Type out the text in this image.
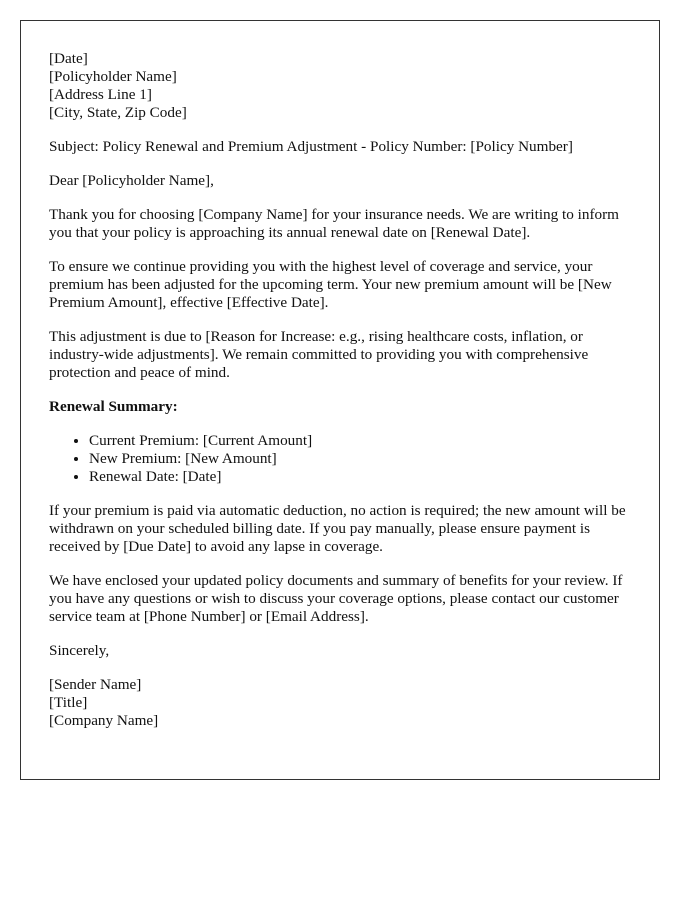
[Date]
[Policyholder Name]
[Address Line 1]
[City, State, Zip Code]

Subject: Policy Renewal and Premium Adjustment - Policy Number: [Policy Number]

Dear [Policyholder Name],

Thank you for choosing [Company Name] for your insurance needs. We are writing to inform you that your policy is approaching its annual renewal date on [Renewal Date].

To ensure we continue providing you with the highest level of coverage and service, your premium has been adjusted for the upcoming term. Your new premium amount will be [New Premium Amount], effective [Effective Date].

This adjustment is due to [Reason for Increase: e.g., rising healthcare costs, inflation, or industry-wide adjustments]. We remain committed to providing you with comprehensive protection and peace of mind.

Renewal Summary:
• Current Premium: [Current Amount]
• New Premium: [New Amount]
• Renewal Date: [Date]

If your premium is paid via automatic deduction, no action is required; the new amount will be withdrawn on your scheduled billing date. If you pay manually, please ensure payment is received by [Due Date] to avoid any lapse in coverage.

We have enclosed your updated policy documents and summary of benefits for your review. If you have any questions or wish to discuss your coverage options, please contact our customer service team at [Phone Number] or [Email Address].

Sincerely,

[Sender Name]
[Title]
[Company Name]
